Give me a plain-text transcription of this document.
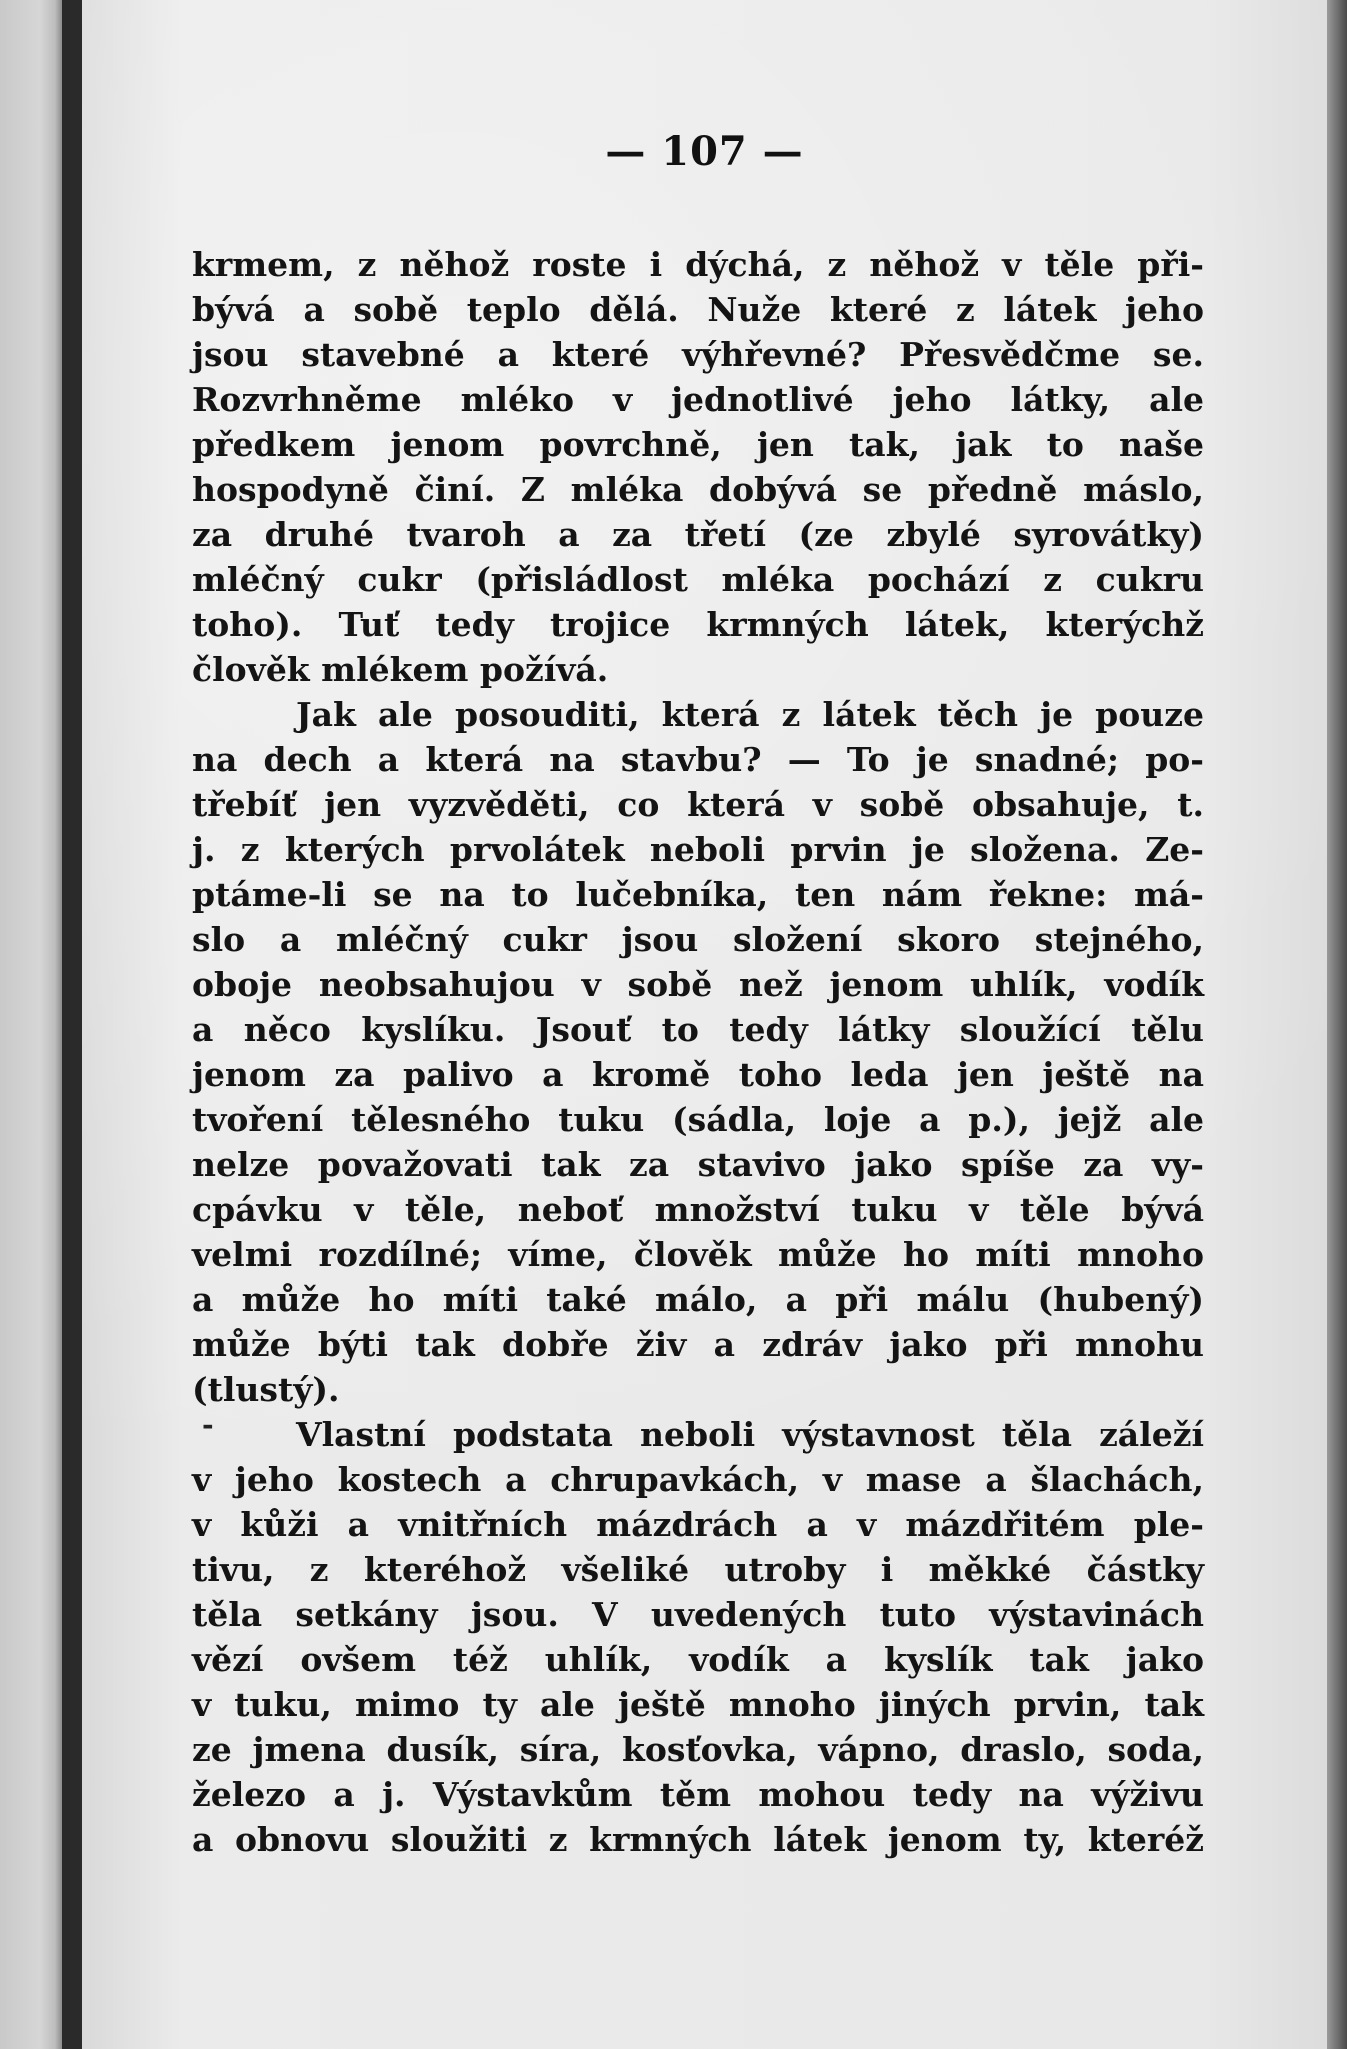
— 107 —
-
krmem, z něhož roste i dýchá, z něhož v těle při-
bývá a sobě teplo dělá. Nuže které z látek jeho
jsou stavebné a které výhřevné? Přesvědčme se.
Rozvrhněme mléko v jednotlivé jeho látky, ale
předkem jenom povrchně, jen tak, jak to naše
hospodyně činí. Z mléka dobývá se předně máslo,
za druhé tvaroh a za třetí (ze zbylé syrovátky)
mléčný cukr (přisládlost mléka pochází z cukru
toho). Tuť tedy trojice krmných látek, kterýchž
člověk mlékem požívá.
Jak ale posouditi, která z látek těch je pouze
na dech a která na stavbu? — To je snadné; po-
třebíť jen vyzvěděti, co která v sobě obsahuje, t.
j. z kterých prvolátek neboli prvin je složena. Ze-
ptáme-li se na to lučebníka, ten nám řekne: má-
slo a mléčný cukr jsou složení skoro stejného,
oboje neobsahujou v sobě než jenom uhlík, vodík
a něco kyslíku. Jsouť to tedy látky sloužící tělu
jenom za palivo a kromě toho leda jen ještě na
tvoření tělesného tuku (sádla, loje a p.), jejž ale
nelze považovati tak za stavivo jako spíše za vy-
cpávku v těle, neboť množství tuku v těle bývá
velmi rozdílné; víme, člověk může ho míti mnoho
a může ho míti také málo, a při málu (hubený)
může býti tak dobře živ a zdráv jako při mnohu
(tlustý).
Vlastní podstata neboli výstavnost těla záleží
v jeho kostech a chrupavkách, v mase a šlachách,
v kůži a vnitřních mázdrách a v mázdřitém ple-
tivu, z kteréhož všeliké utroby i měkké částky
těla setkány jsou. V uvedených tuto výstavinách
vězí ovšem též uhlík, vodík a kyslík tak jako
v tuku, mimo ty ale ještě mnoho jiných prvin, tak
ze jmena dusík, síra, kosťovka, vápno, draslo, soda,
železo a j. Výstavkům těm mohou tedy na výživu
a obnovu sloužiti z krmných látek jenom ty, kteréž
